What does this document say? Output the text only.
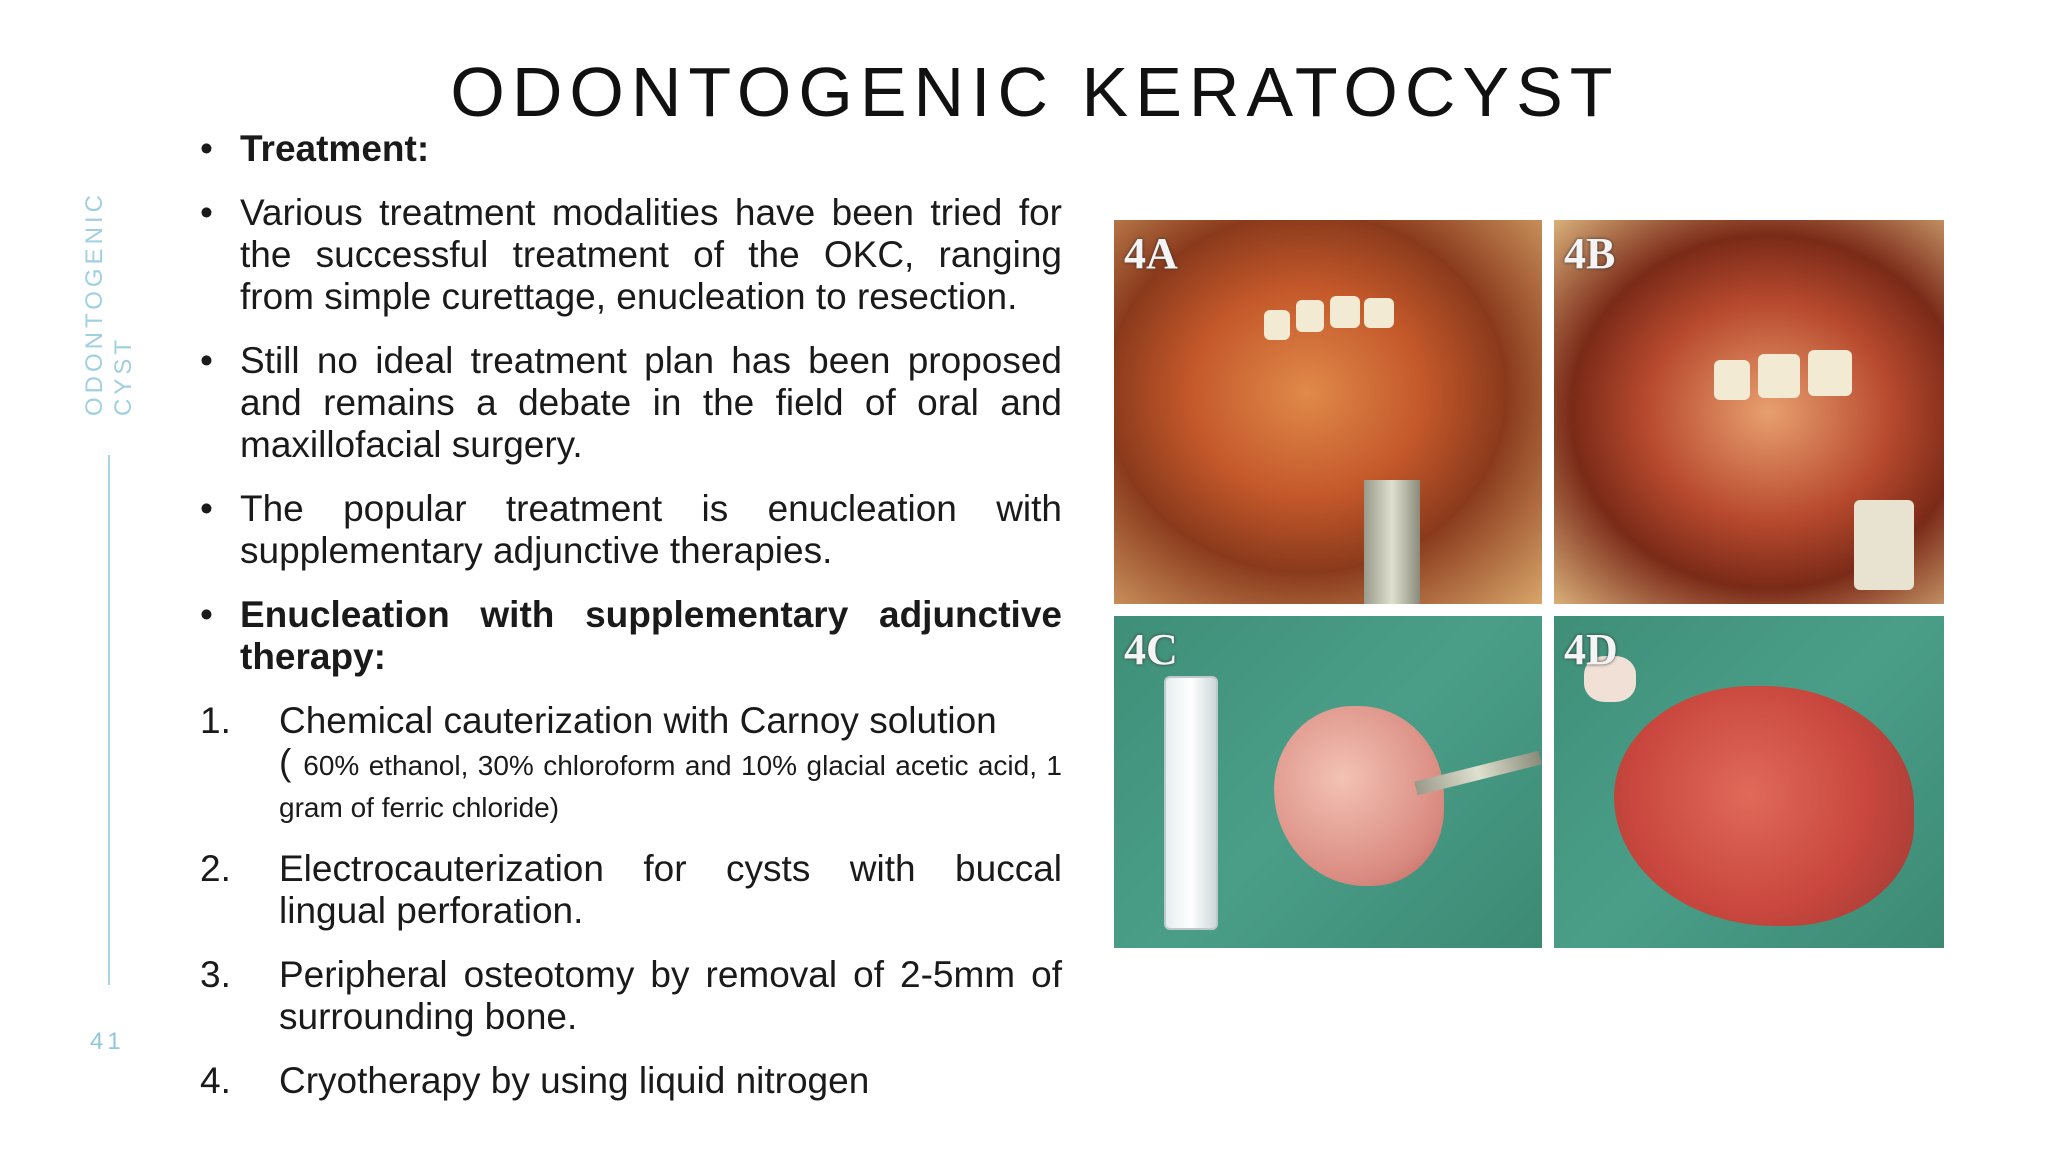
ODONTOGENIC CYST
41
ODONTOGENIC KERATOCYST
• Treatment:
• Various treatment modalities have been tried for the successful treatment of the OKC, ranging from simple curettage, enucleation to resection.
• Still no ideal treatment plan has been proposed and remains a debate in the field of oral and maxillofacial surgery.
• The popular treatment is enucleation with supplementary adjunctive therapies.
• Enucleation with supplementary adjunctive therapy:
1. Chemical cauterization with Carnoy solution
( 60% ethanol, 30% chloroform and 10% glacial acetic acid, 1 gram of ferric chloride)
2. Electrocauterization for cysts with buccal lingual perforation.
3. Peripheral osteotomy by removal of 2-5mm of surrounding bone.
4. Cryotherapy by using liquid nitrogen
4A	4B
4C	4D
